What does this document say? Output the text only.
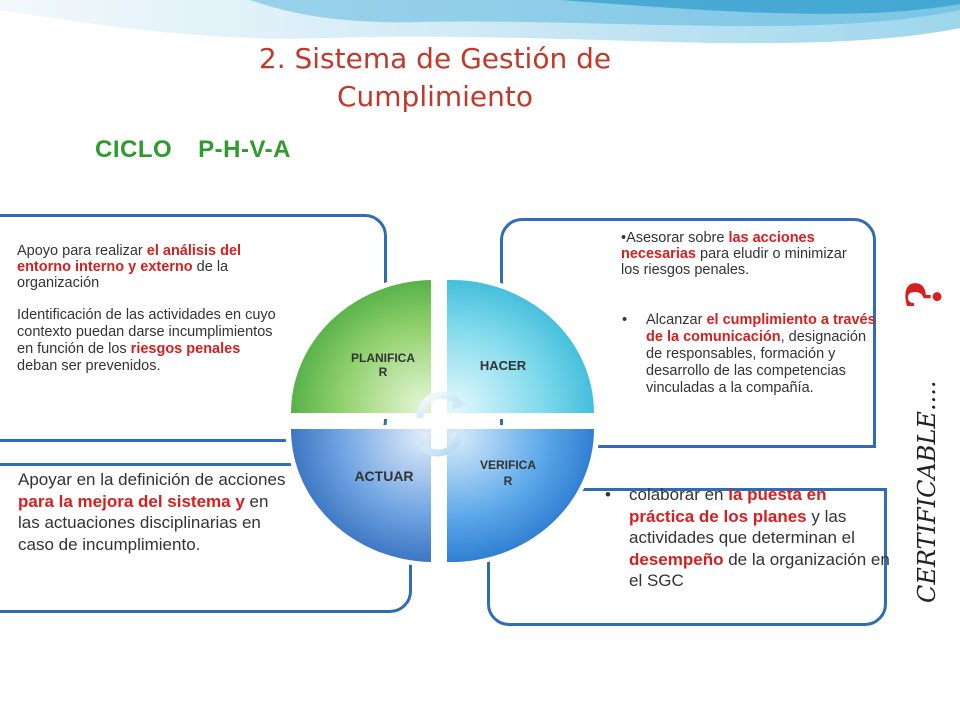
2. Sistema de Gestión de
Cumplimiento
CICLO P-H-V-A
Apoyo para realizar el análisis del entorno interno y externo de la organización
Identificación de las actividades en cuyo contexto puedan darse incumplimientos en función de los riesgos penales deban ser prevenidos.
Apoyar en la definición de acciones para la mejora del sistema y en las actuaciones disciplinarias en caso de incumplimiento.
•Asesorar sobre las acciones necesarias para eludir o minimizar los riesgos penales.
• Alcanzar el cumplimiento a través de la comunicación, designación de responsables, formación y desarrollo de las competencias vinculadas a la compañía.
• colaborar en la puesta en práctica de los planes y las actividades que determinan el desempeño de la organización en el SGC
PLANIFICA
R	HACER
VERIFICA
R
ACTUAR	CERTIFICABLE....
?
